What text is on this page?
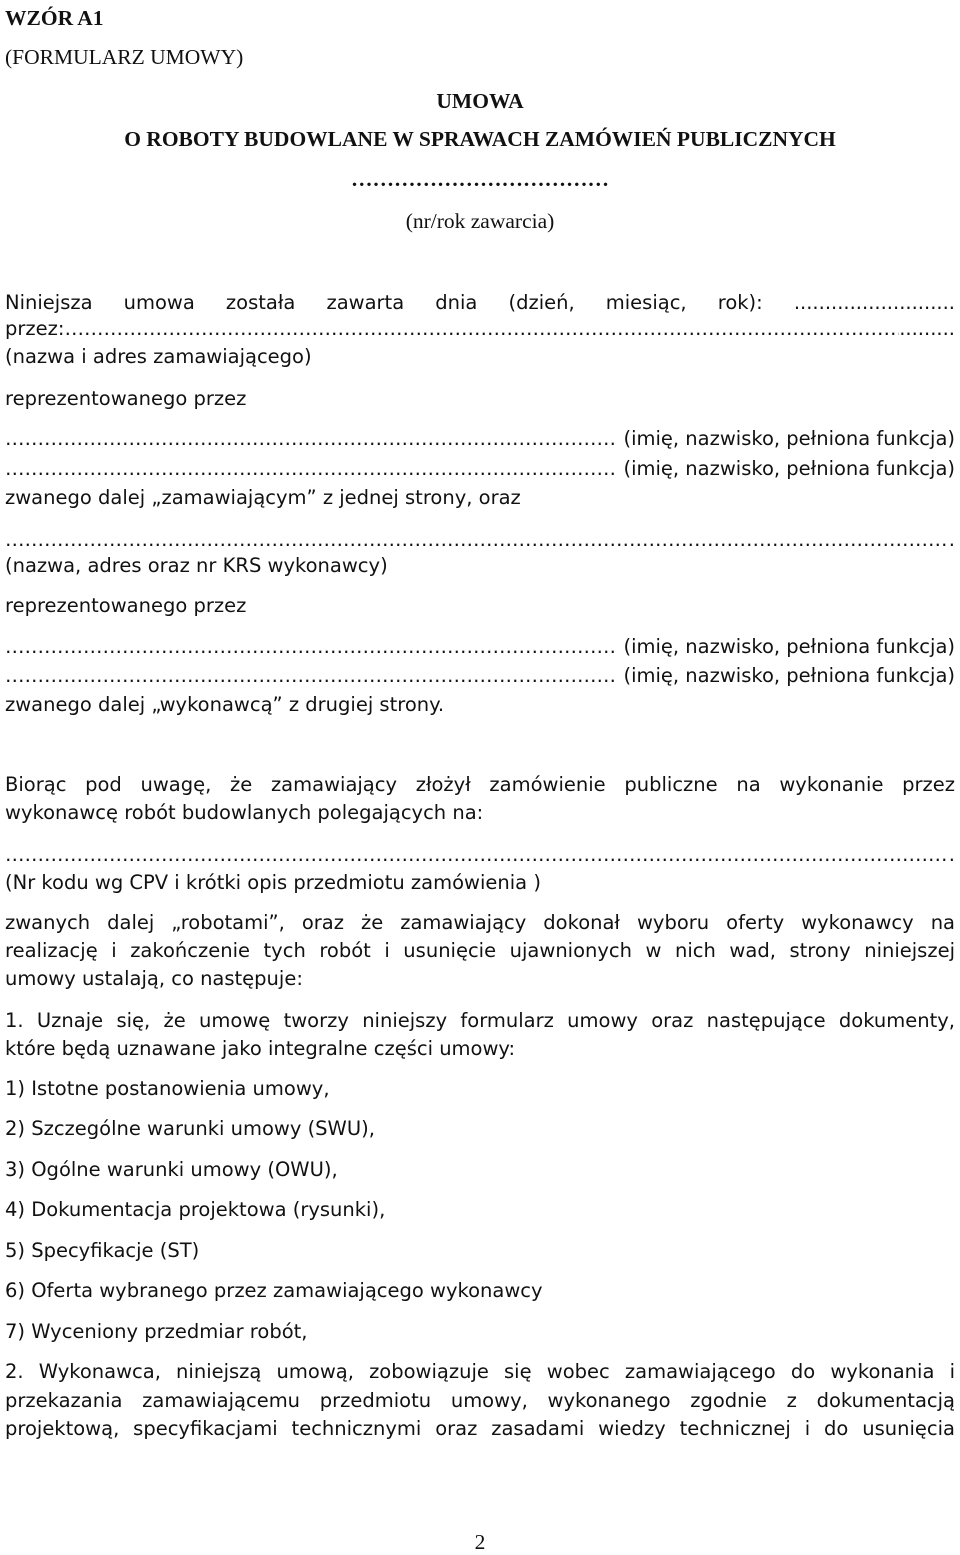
WZÓR A1
(FORMULARZ UMOWY)
UMOWA
O ROBOTY BUDOWLANE W SPRAWACH ZAMÓWIEŃ PUBLICZNYCH
………………………………
(nr/rok zawarcia)
Niniejsza umowa została zawarta dnia (dzień, miesiąc, rok): ..........................
przez:
……………………………………………………………………………………………………………………………………………………………………………………	.........
(nazwa i adres zamawiającego)
reprezentowanego przez
……………………………………………………………………………………………………………………………………………………………………………………
(imię, nazwisko, pełniona funkcja)
……………………………………………………………………………………………………………………………………………………………………………………
(imię, nazwisko, pełniona funkcja)
zwanego dalej „zamawiającym” z jednej strony, oraz
……………………………………………………………………………………………………………………………………………………………………………………
.
(nazwa, adres oraz nr KRS wykonawcy)
reprezentowanego przez
……………………………………………………………………………………………………………………………………………………………………………………
(imię, nazwisko, pełniona funkcja)
……………………………………………………………………………………………………………………………………………………………………………………
(imię, nazwisko, pełniona funkcja)
zwanego dalej „wykonawcą” z drugiej strony.
Biorąc pod uwagę, że zamawiający złożył zamówienie publiczne na wykonanie przez
wykonawcę robót budowlanych polegających na:
……………………………………………………………………………………………………………………………………………………………………………………
.
(Nr kodu wg CPV i krótki opis przedmiotu zamówienia )
zwanych dalej „robotami”, oraz że zamawiający dokonał wyboru oferty wykonawcy na
realizację i zakończenie tych robót i usunięcie ujawnionych w nich wad, strony niniejszej
umowy ustalają, co następuje:
1. Uznaje się, że umowę tworzy niniejszy formularz umowy oraz następujące dokumenty,
które będą uznawane jako integralne części umowy:
1) Istotne postanowienia umowy,
2) Szczególne warunki umowy (SWU),
3) Ogólne warunki umowy (OWU),
4) Dokumentacja projektowa (rysunki),
5) Specyfikacje (ST)
6) Oferta wybranego przez zamawiającego wykonawcy
7) Wyceniony przedmiar robót,
2. Wykonawca, niniejszą umową, zobowiązuje się wobec zamawiającego do wykonania i
przekazania zamawiającemu przedmiotu umowy, wykonanego zgodnie z dokumentacją
projektową, specyfikacjami technicznymi oraz zasadami wiedzy technicznej i do usunięcia
2
